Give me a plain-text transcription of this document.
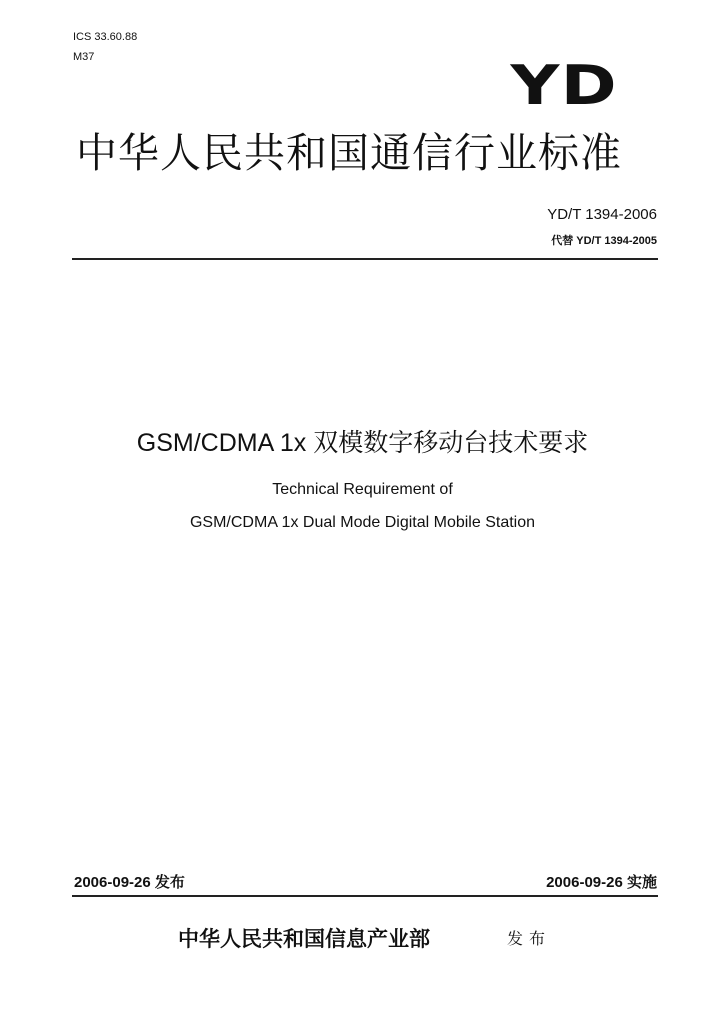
ICS 33.60.88
M37	YD
中华人民共和国通信行业标准
YD/T 1394-2006
代替 YD/T 1394-2005
GSM/CDMA 1x 双模数字移动台技术要求
Technical Requirement of
GSM/CDMA 1x Dual Mode Digital Mobile Station
2006-09-26 发布	2006-09-26 实施
中华人民共和国信息产业部	发布
